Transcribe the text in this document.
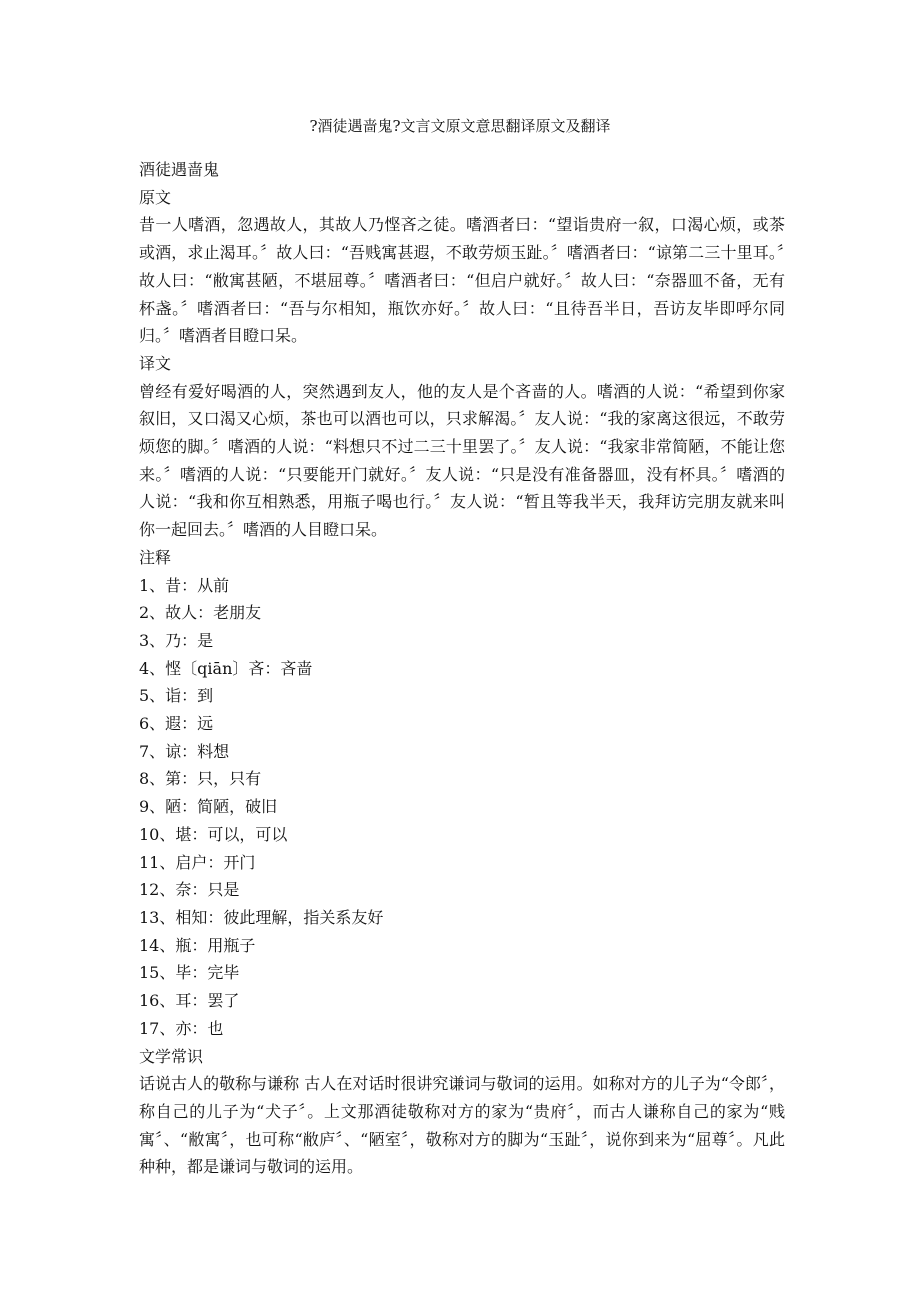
?酒徒遇啬鬼?文言文原文意思翻译原文及翻译

酒徒遇啬鬼

原文

昔一人嗜酒，忽遇故人，其故人乃悭吝之徒。嗜酒者曰：“望诣贵府一叙，口渴心烦，或茶或酒，求止渴耳。〞故人曰：“吾贱寓甚遐，不敢劳烦玉趾。〞嗜酒者曰：“谅第二三十里耳。〞故人曰：“敝寓甚陋，不堪屈尊。〞嗜酒者曰：“但启户就好。〞故人曰：“奈器皿不备，无有杯盏。〞嗜酒者曰：“吾与尔相知，瓶饮亦好。〞故人曰：“且待吾半日，吾访友毕即呼尔同归。〞嗜酒者目瞪口呆。

译文

曾经有爱好喝酒的人，突然遇到友人，他的友人是个吝啬的人。嗜酒的人说：“希望到你家叙旧，又口渴又心烦，茶也可以酒也可以，只求解渴。〞友人说：“我的家离这很远，不敢劳烦您的脚。〞嗜酒的人说：“料想只不过二三十里罢了。〞友人说：“我家非常简陋，不能让您来。〞嗜酒的人说：“只要能开门就好。〞友人说：“只是没有准备器皿，没有杯具。〞嗜酒的人说：“我和你互相熟悉，用瓶子喝也行。〞友人说：“暂且等我半天，我拜访完朋友就来叫你一起回去。〞嗜酒的人目瞪口呆。

注释

1、昔：从前

2、故人：老朋友

3、乃：是

4、悭〔qiān〕吝：吝啬

5、诣：到

6、遐：远

7、谅：料想

8、第：只，只有

9、陋：简陋，破旧

10、堪：可以，可以

11、启户：开门

12、奈：只是

13、相知：彼此理解，指关系友好

14、瓶：用瓶子

15、毕：完毕

16、耳：罢了

17、亦：也

文学常识

话说古人的敬称与谦称 古人在对话时很讲究谦词与敬词的运用。如称对方的儿子为“令郎〞，称自己的儿子为“犬子〞。上文那酒徒敬称对方的家为“贵府〞，而古人谦称自己的家为“贱寓〞、“敝寓〞，也可称“敝庐〞、“陋室〞，敬称对方的脚为“玉趾〞，说你到来为“屈尊〞。凡此种种，都是谦词与敬词的运用。
